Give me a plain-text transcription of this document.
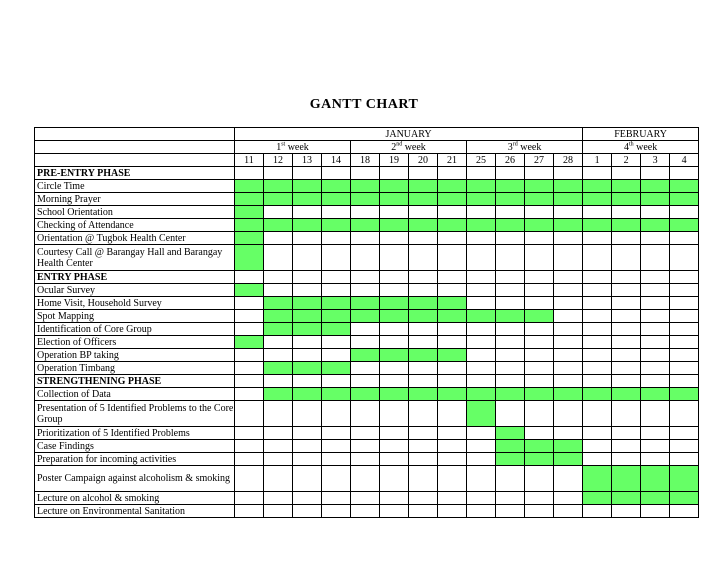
GANTT CHART
	JANUARY												FEBRUARY			
	1st week				2nd week				3rd week				4th week			
	11	12	13	14	18	19	20	21	25	26	27	28	1	2	3	4
PRE-ENTRY PHASE																
Circle Time																
Morning Prayer																
School Orientation																
Checking of Attendance																
Orientation @ Tugbok Health Center																
Courtesy Call @ Barangay Hall and Barangay Health Center																
ENTRY PHASE																
Ocular Survey																
Home Visit, Household Survey																
Spot Mapping																
Identification of Core Group																
Election of Officers																
Operation BP taking																
Operation Timbang																
STRENGTHENING PHASE																
Collection of Data																
Presentation of 5 Identified Problems to the Core Group																
Prioritization of 5 Identified Problems																
Case Findings																
Preparation for incoming activities																
Poster Campaign against alcoholism & smoking																
Lecture on alcohol & smoking																
Lecture on Environmental Sanitation																
